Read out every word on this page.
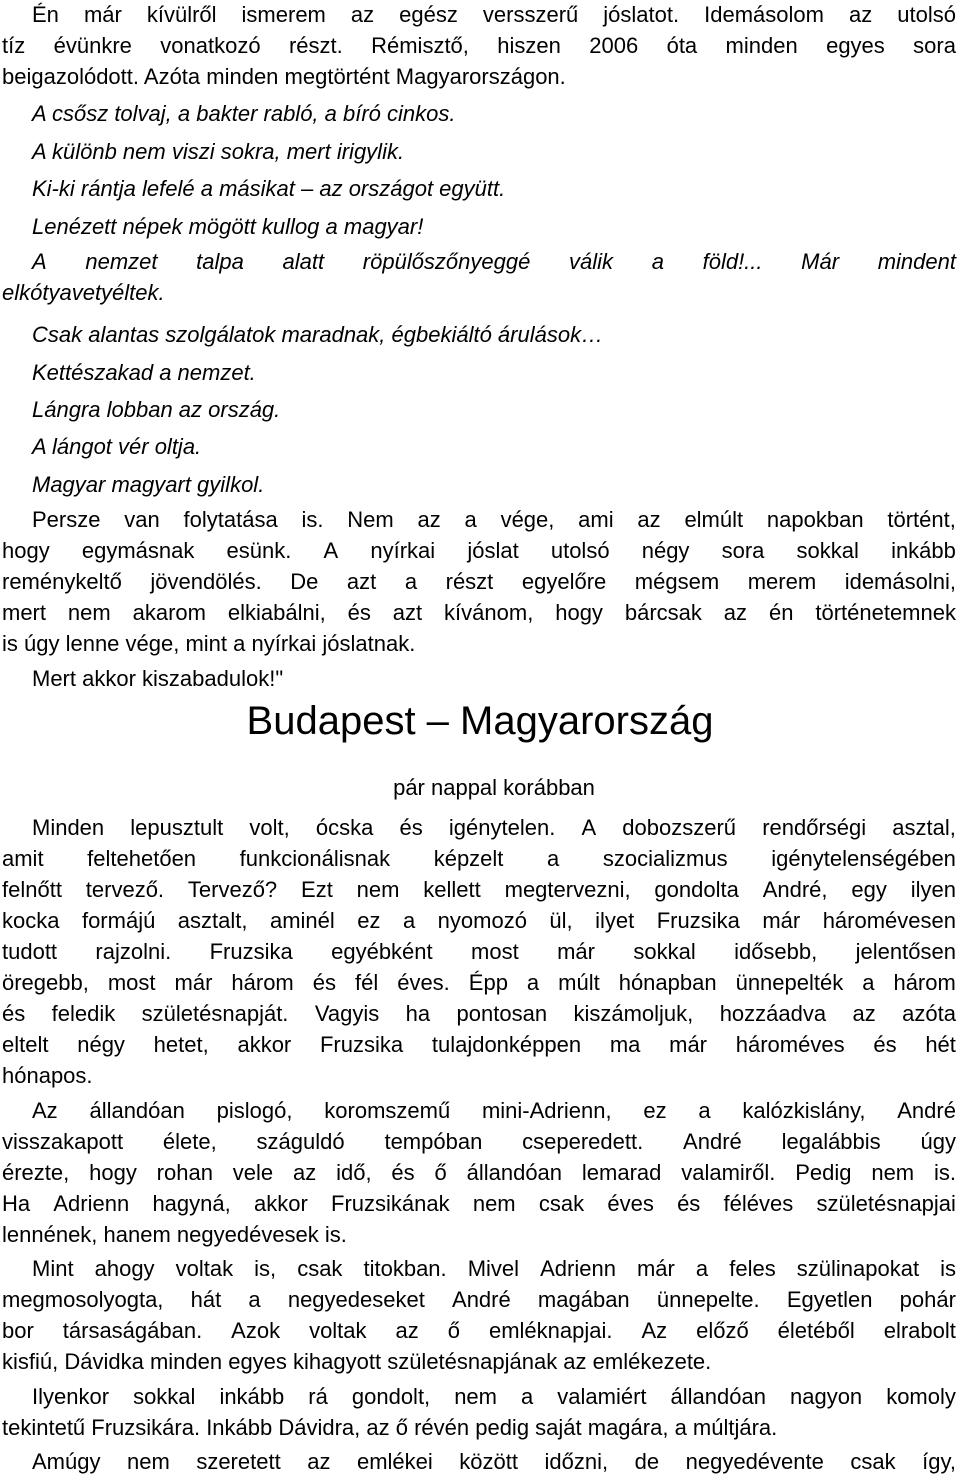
Én már kívülről ismerem az egész versszerű jóslatot. Idemásolom az utolsó
tíz évünkre vonatkozó részt. Rémisztő, hiszen 2006 óta minden egyes sora
beigazolódott. Azóta minden megtörtént Magyarországon.
A csősz tolvaj, a bakter rabló, a bíró cinkos.
A különb nem viszi sokra, mert irigylik.
Ki-ki rántja lefelé a másikat – az országot együtt.
Lenézett népek mögött kullog a magyar!
A nemzet talpa alatt röpülőszőnyeggé válik a föld!... Már mindent
elkótyavetyéltek.
Csak alantas szolgálatok maradnak, égbekiáltó árulások…
Kettészakad a nemzet.
Lángra lobban az ország.
A lángot vér oltja.
Magyar magyart gyilkol.
Persze van folytatása is. Nem az a vége, ami az elmúlt napokban történt,
hogy egymásnak esünk. A nyírkai jóslat utolsó négy sora sokkal inkább
reménykeltő jövendölés. De azt a részt egyelőre mégsem merem idemásolni,
mert nem akarom elkiabálni, és azt kívánom, hogy bárcsak az én történetemnek
is úgy lenne vége, mint a nyírkai jóslatnak.
Mert akkor kiszabadulok!"
Budapest – Magyarország
pár nappal korábban
Minden lepusztult volt, ócska és igénytelen. A dobozszerű rendőrségi asztal,
amit feltehetően funkcionálisnak képzelt a szocializmus igénytelenségében
felnőtt tervező. Tervező? Ezt nem kellett megtervezni, gondolta André, egy ilyen
kocka formájú asztalt, aminél ez a nyomozó ül, ilyet Fruzsika már háromévesen
tudott rajzolni. Fruzsika egyébként most már sokkal idősebb, jelentősen
öregebb, most már három és fél éves. Épp a múlt hónapban ünnepelték a három
és feledik születésnapját. Vagyis ha pontosan kiszámoljuk, hozzáadva az azóta
eltelt négy hetet, akkor Fruzsika tulajdonképpen ma már hároméves és hét
hónapos.
Az állandóan pislogó, koromszemű mini-Adrienn, ez a kalózkislány, André
visszakapott élete, száguldó tempóban cseperedett. André legalábbis úgy
érezte, hogy rohan vele az idő, és ő állandóan lemarad valamiről. Pedig nem is.
Ha Adrienn hagyná, akkor Fruzsikának nem csak éves és féléves születésnapjai
lennének, hanem negyedévesek is.
Mint ahogy voltak is, csak titokban. Mivel Adrienn már a feles szülinapokat is
megmosolyogta, hát a negyedeseket André magában ünnepelte. Egyetlen pohár
bor társaságában. Azok voltak az ő emléknapjai. Az előző életéből elrabolt
kisfiú, Dávidka minden egyes kihagyott születésnapjának az emlékezete.
Ilyenkor sokkal inkább rá gondolt, nem a valamiért állandóan nagyon komoly
tekintetű Fruzsikára. Inkább Dávidra, az ő révén pedig saját magára, a múltjára.
Amúgy nem szeretett az emlékei között időzni, de negyedévente csak így,
